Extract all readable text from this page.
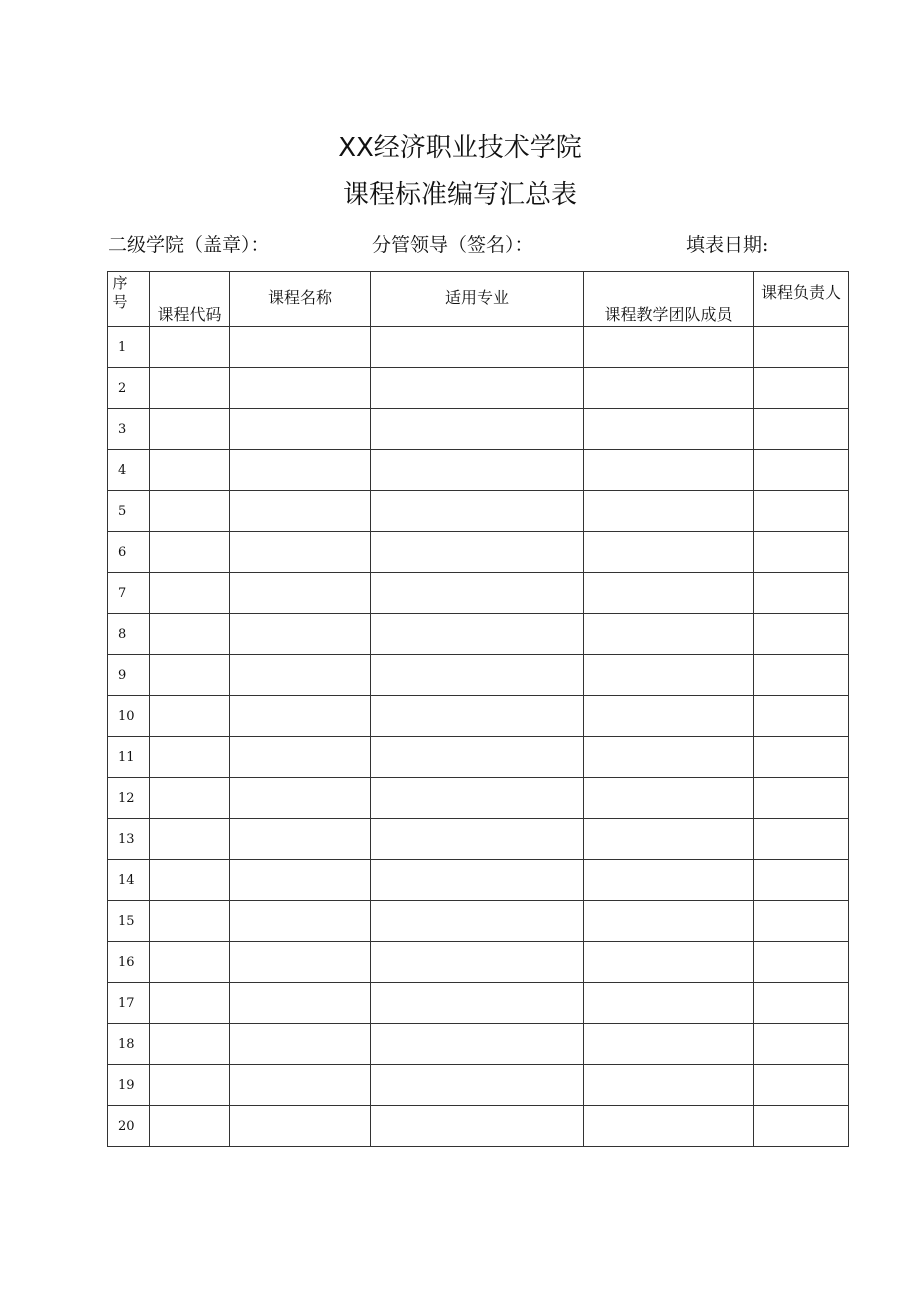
XX经济职业技术学院
课程标准编写汇总表
二级学院（盖章）：	分管领导（签名）：	填表日期:
序号	课程代码	课程名称	适用专业	课程教学团队成员	课程负责人

1					
2					
3					
4					
5					
6					
7					
8					
9					
10					
11					
12					
13					
14					
15					
16					
17					
18					
19					
20					
